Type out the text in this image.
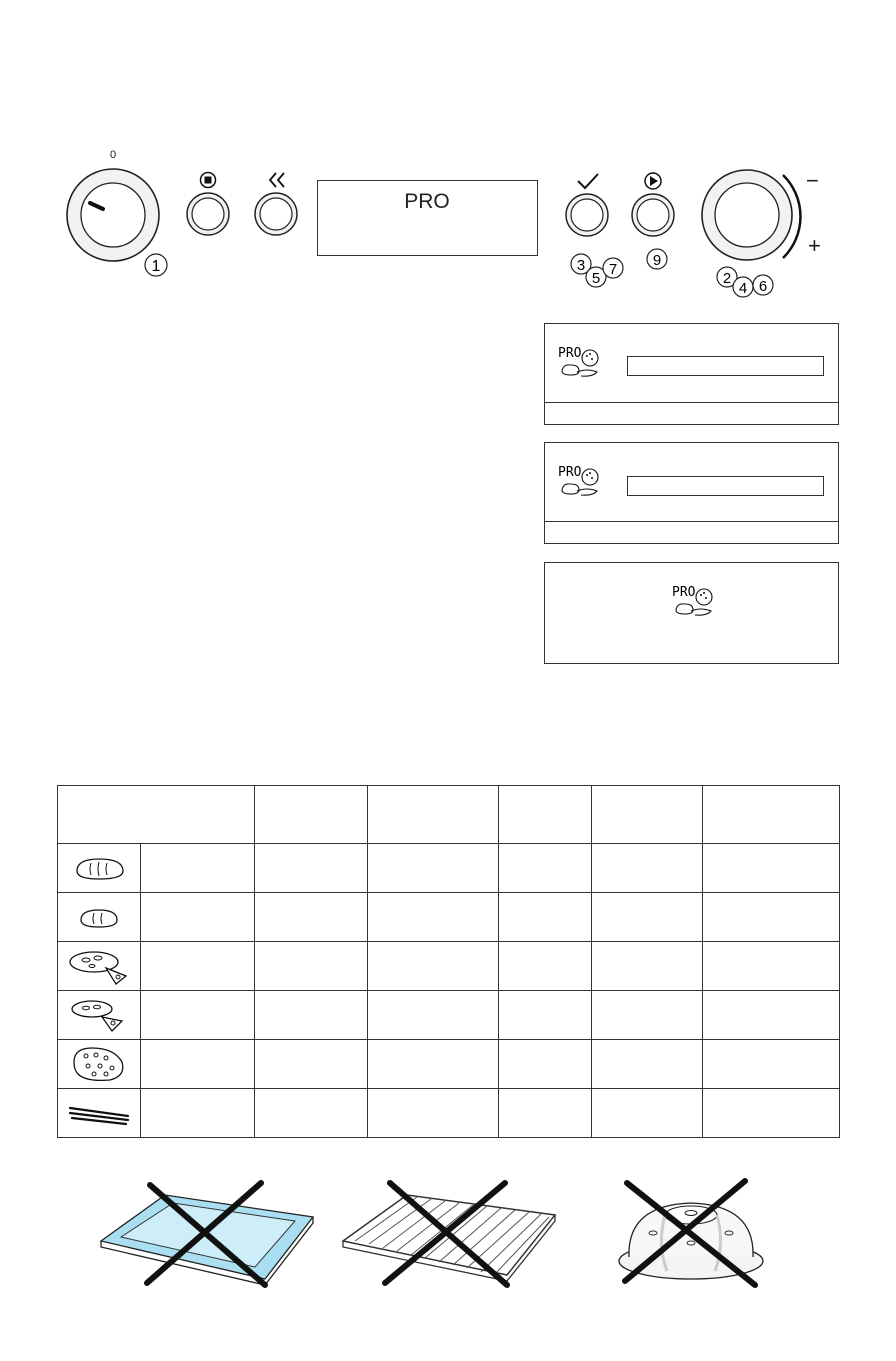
1	3
5
7
9
2
4 6
0
PRO
−
+
PRO
PRO
PRO
